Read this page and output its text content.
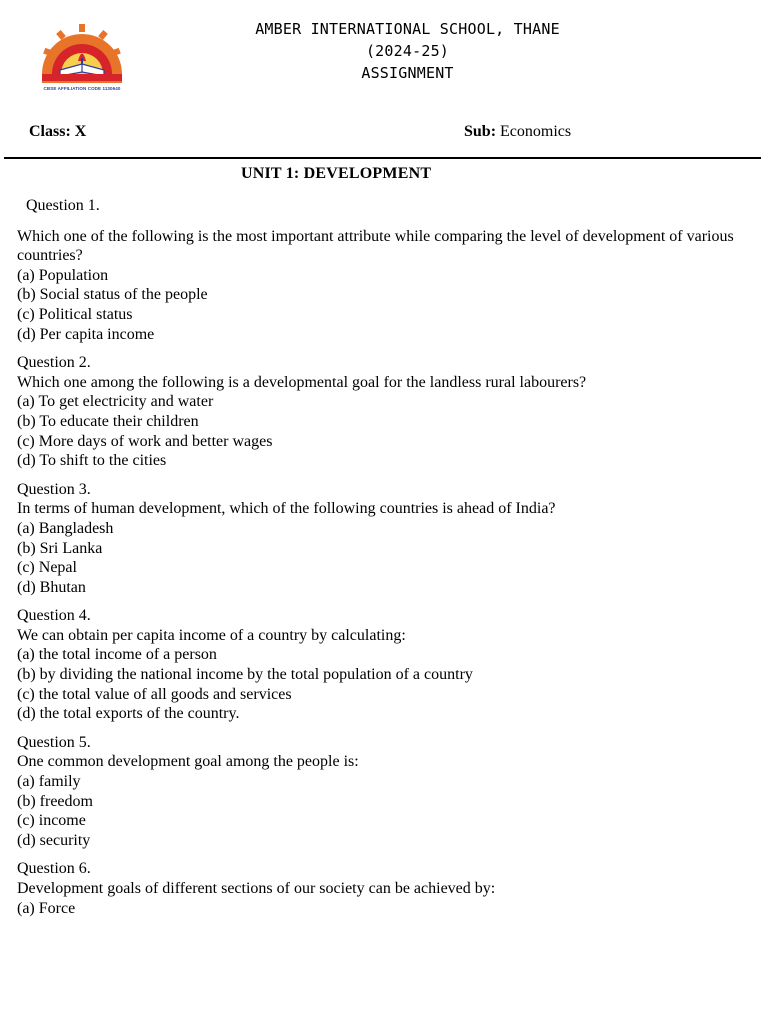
CBSE AFFILIATION CODE 1130640
AMBER INTERNATIONAL SCHOOL, THANE
(2024-25)
ASSIGNMENT
Class: X	Sub: Economics
UNIT 1: DEVELOPMENT
Question 1.
Which one of the following is the most important attribute while comparing the level of development of various countries?
(a) Population
(b) Social status of the people
(c) Political status
(d) Per capita income
Question 2.
Which one among the following is a developmental goal for the landless rural labourers?
(a) To get electricity and water
(b) To educate their children
(c) More days of work and better wages
(d) To shift to the cities
Question 3.
In terms of human development, which of the following countries is ahead of India?
(a) Bangladesh
(b) Sri Lanka
(c) Nepal
(d) Bhutan
Question 4.
We can obtain per capita income of a country by calculating:
(a) the total income of a person
(b) by dividing the national income by the total population of a country
(c) the total value of all goods and services
(d) the total exports of the country.
Question 5.
One common development goal among the people is:
(a) family
(b) freedom
(c) income
(d) security
Question 6.
Development goals of different sections of our society can be achieved by:
(a) Force
